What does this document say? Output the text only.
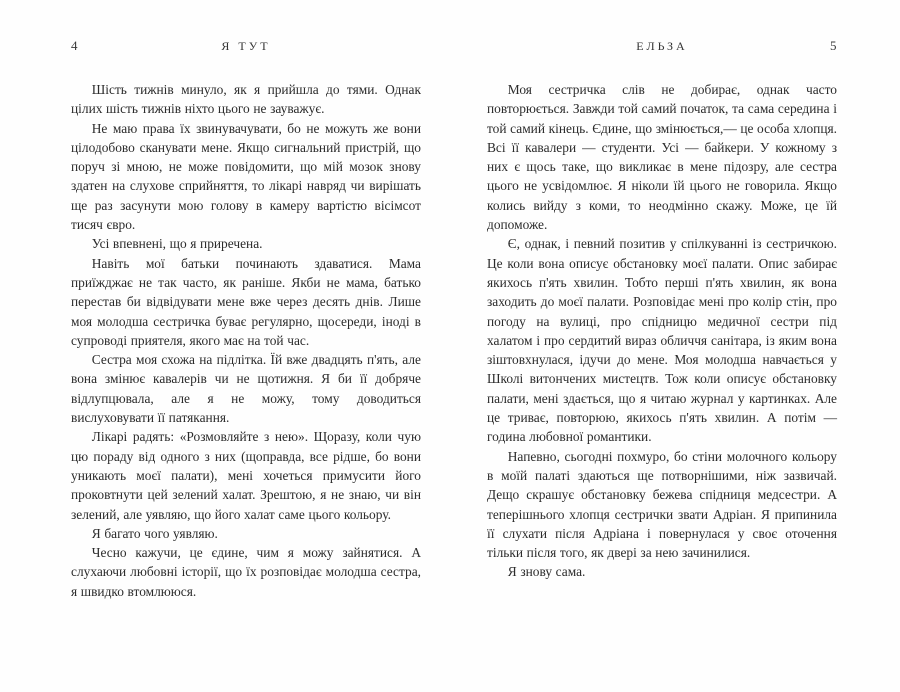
4	Я ТУТ

Шість тижнів минуло, як я прийшла до тями. Однак цілих шість тижнів ніхто цього не зауважує.

Не маю права їх звинувачувати, бо не можуть же вони цілодобово сканувати мене. Якщо сигнальний пристрій, що поруч зі мною, не може повідомити, що мій мозок знову здатен на слухове сприйняття, то лікарі навряд чи вирішать ще раз засунути мою голову в камеру вартістю вісімсот тисяч євро.

Усі впевнені, що я приречена.

Навіть мої батьки починають здаватися. Мама приїжджає не так часто, як раніше. Якби не мама, батько перестав би відвідувати мене вже через десять днів. Лише моя молодша сестричка буває регулярно, щосереди, іноді в супроводі приятеля, якого має на той час.

Сестра моя схожа на підлітка. Їй вже двадцять п'ять, але вона змінює кавалерів чи не щотижня. Я би її добряче відлупцювала, але я не можу, тому доводиться вислуховувати її патякання.

Лікарі радять: «Розмовляйте з нею». Щоразу, коли чую цю пораду від одного з них (щоправда, все рідше, бо вони уникають моєї палати), мені хочеться примусити його проковтнути цей зелений халат. Зрештою, я не знаю, чи він зелений, але уявляю, що його халат саме цього кольору.

Я багато чого уявляю.

Чесно кажучи, це єдине, чим я можу зайнятися. А слухаючи любовні історії, що їх розповідає молодша сестра, я швидко втомлююся.

ЕЛЬЗА	5

Моя сестричка слів не добирає, однак часто повторюється. Завжди той самий початок, та сама середина і той самий кінець. Єдине, що змінюється,— це особа хлопця. Всі її кавалери — студенти. Усі — байкери. У кожному з них є щось таке, що викликає в мене підозру, але сестра цього не усвідомлює. Я ніколи їй цього не говорила. Якщо колись вийду з коми, то неодмінно скажу. Може, це їй допоможе.

Є, однак, і певний позитив у спілкуванні із сестричкою. Це коли вона описує обстановку моєї палати. Опис забирає якихось п'ять хвилин. Тобто перші п'ять хвилин, як вона заходить до моєї палати. Розповідає мені про колір стін, про погоду на вулиці, про спідницю медичної сестри під халатом і про сердитий вираз обличчя санітара, із яким вона зіштовхнулася, ідучи до мене. Моя молодша навчається у Школі витончених мистецтв. Тож коли описує обстановку палати, мені здається, що я читаю журнал у картинках. Але це триває, повторюю, якихось п'ять хвилин. А потім — година любовної романтики.

Напевно, сьогодні похмуро, бо стіни молочного кольору в моїй палаті здаються ще потворнішими, ніж зазвичай. Дещо скрашує обстановку бежева спідниця медсестри. А теперішнього хлопця сестрички звати Адріан. Я припинила її слухати після Адріана і повернулася у своє оточення тільки після того, як двері за нею зачинилися.

Я знову сама.
